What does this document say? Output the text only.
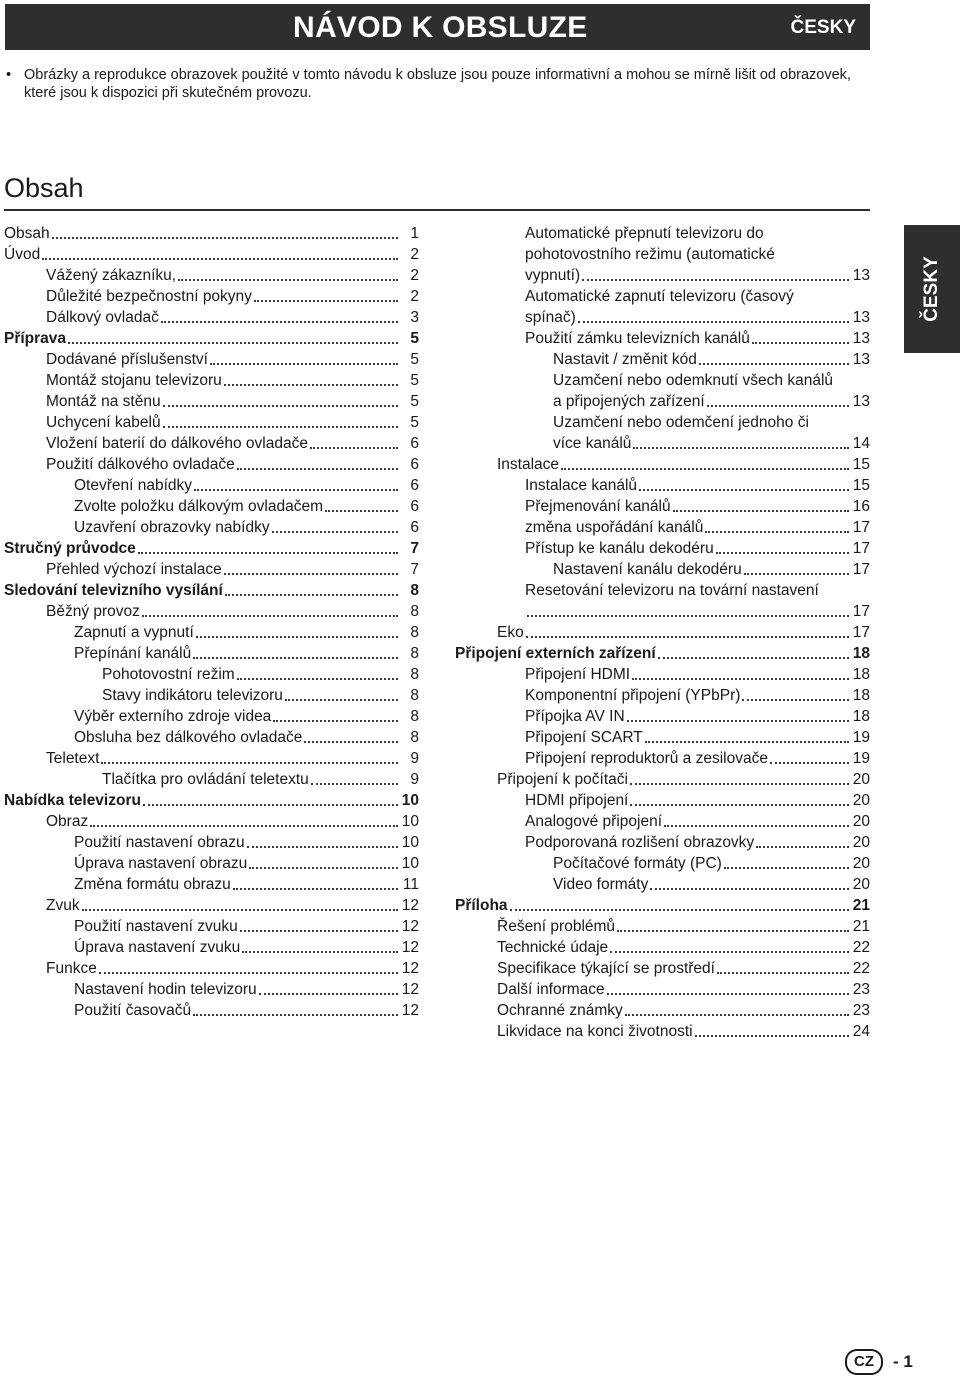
NÁVOD K OBSLUZE	ČESKY
• Obrázky a reprodukce obrazovek použité v tomto návodu k obsluze jsou pouze informativní a mohou se mírně lišit od obrazovek, které jsou k dispozici při skutečném provozu.
Obsah
ČESKY
Obsah	1
Úvod	2
Vážený zákazníku,	2
Důležité bezpečnostní pokyny	2
Dálkový ovladač	3
Příprava	5
Dodávané příslušenství	5
Montáž stojanu televizoru	5
Montáž na stěnu	5
Uchycení kabelů	5
Vložení baterií do dálkového ovladače	6
Použití dálkového ovladače	6
Otevření nabídky	6
Zvolte položku dálkovým ovladačem	6
Uzavření obrazovky nabídky	6
Stručný průvodce	7
Přehled výchozí instalace	7
Sledování televizního vysílání	8
Běžný provoz	8
Zapnutí a vypnutí	8
Přepínání kanálů	8
Pohotovostní režim	8
Stavy indikátoru televizoru	8
Výběr externího zdroje videa	8
Obsluha bez dálkového ovladače	8
Teletext	9
Tlačítka pro ovládání teletextu	9
Nabídka televizoru	10
Obraz	10
Použití nastavení obrazu	10
Úprava nastavení obrazu	10
Změna formátu obrazu	11
Zvuk	12
Použití nastavení zvuku	12
Úprava nastavení zvuku	12
Funkce	12
Nastavení hodin televizoru	12
Použití časovačů	12
Automatické přepnutí televizoru do
pohotovostního režimu (automatické
vypnutí)	13
Automatické zapnutí televizoru (časový
spínač)	13
Použití zámku televizních kanálů	13
Nastavit / změnit kód	13
Uzamčení nebo odemknutí všech kanálů
a připojených zařízení	13
Uzamčení nebo odemčení jednoho či
více kanálů	14
Instalace	15
Instalace kanálů	15
Přejmenování kanálů	16
změna uspořádání kanálů	17
Přístup ke kanálu dekodéru	17
Nastavení kanálu dekodéru	17
Resetování televizoru na tovární nastavení
17
Eko	17
Připojení externích zařízení	18
Připojení HDMI	18
Komponentní připojení (YPbPr)	18
Přípojka AV IN	18
Připojení SCART	19
Připojení reproduktorů a zesilovače	19
Připojení k počítači	20
HDMI připojení	20
Analogové připojení	20
Podporovaná rozlišení obrazovky	20
Počítačové formáty (PC)	20
Video formáty	20
Příloha	21
Řešení problémů	21
Technické údaje	22
Specifikace týkající se prostředí	22
Další informace	23
Ochranné známky	23
Likvidace na konci životnosti	24
CZ	- 1
